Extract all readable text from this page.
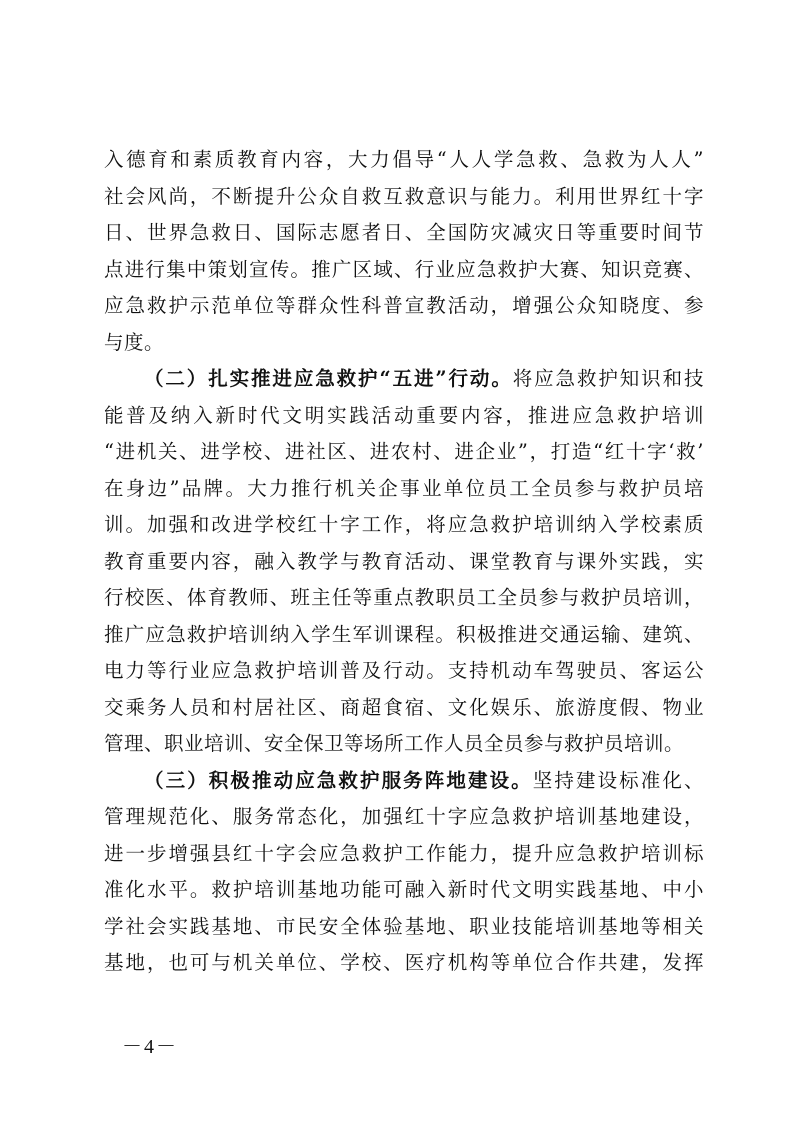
入德育和素质教育内容，大力倡导“人人学急救、急救为人人”
社会风尚，不断提升公众自救互救意识与能力。利用世界红十字
日、世界急救日、国际志愿者日、全国防灾减灾日等重要时间节
点进行集中策划宣传。推广区域、行业应急救护大赛、知识竞赛、
应急救护示范单位等群众性科普宣教活动，增强公众知晓度、参
与度。
（二）扎实推进应急救护“五进”行动。将应急救护知识和技
能普及纳入新时代文明实践活动重要内容，推进应急救护培训
“进机关、进学校、进社区、进农村、进企业”，打造“红十字‘救’
在身边”品牌。大力推行机关企事业单位员工全员参与救护员培
训。加强和改进学校红十字工作，将应急救护培训纳入学校素质
教育重要内容，融入教学与教育活动、课堂教育与课外实践，实
行校医、体育教师、班主任等重点教职员工全员参与救护员培训，
推广应急救护培训纳入学生军训课程。积极推进交通运输、建筑、
电力等行业应急救护培训普及行动。支持机动车驾驶员、客运公
交乘务人员和村居社区、商超食宿、文化娱乐、旅游度假、物业
管理、职业培训、安全保卫等场所工作人员全员参与救护员培训。
（三）积极推动应急救护服务阵地建设。坚持建设标准化、
管理规范化、服务常态化，加强红十字应急救护培训基地建设，
进一步增强县红十字会应急救护工作能力，提升应急救护培训标
准化水平。救护培训基地功能可融入新时代文明实践基地、中小
学社会实践基地、市民安全体验基地、职业技能培训基地等相关
基地，也可与机关单位、学校、医疗机构等单位合作共建，发挥
－4－
